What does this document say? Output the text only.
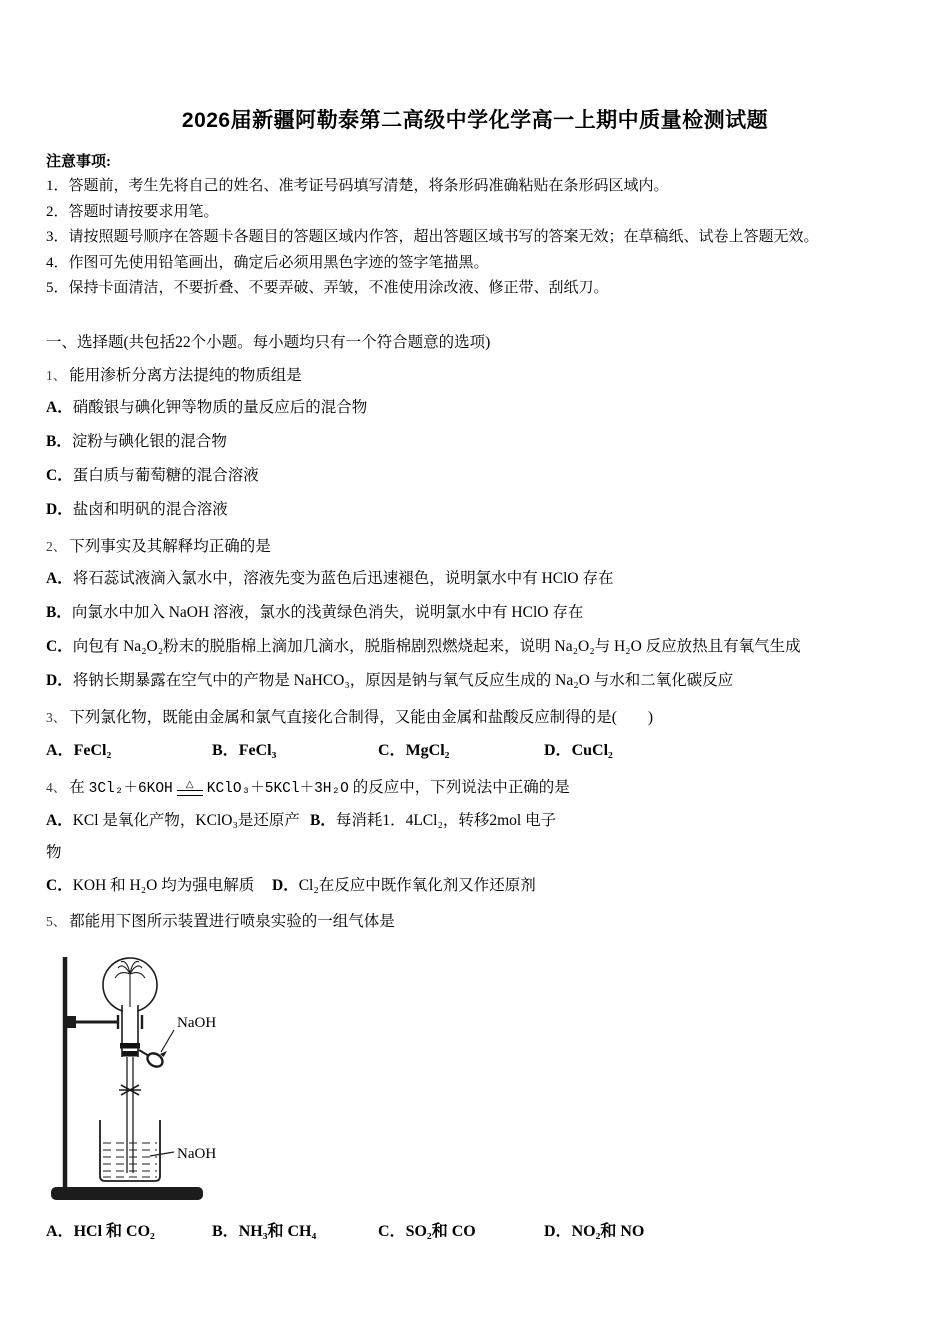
2026届新疆阿勒泰第二高级中学化学高一上期中质量检测试题
注意事项:
1．答题前，考生先将自己的姓名、准考证号码填写清楚，将条形码准确粘贴在条形码区域内。
2．答题时请按要求用笔。
3．请按照题号顺序在答题卡各题目的答题区域内作答，超出答题区域书写的答案无效；在草稿纸、试卷上答题无效。
4．作图可先使用铅笔画出，确定后必须用黑色字迹的签字笔描黑。
5．保持卡面清洁，不要折叠、不要弄破、弄皱，不准使用涂改液、修正带、刮纸刀。
一、选择题(共包括22个小题。每小题均只有一个符合题意的选项)
1、 能用渗析分离方法提纯的物质组是
A．硝酸银与碘化钾等物质的量反应后的混合物
B．淀粉与碘化银的混合物
C．蛋白质与葡萄糖的混合溶液
D．盐卤和明矾的混合溶液
2、 下列事实及其解释均正确的是
A．将石蕊试液滴入氯水中，溶液先变为蓝色后迅速褪色，说明氯水中有 HClO 存在
B．向氯水中加入 NaOH 溶液，氯水的浅黄绿色消失，说明氯水中有 HClO 存在
C．向包有 Na₂O₂粉末的脱脂棉上滴加几滴水，脱脂棉剧烈燃烧起来，说明 Na₂O₂与 H₂O 反应放热且有氧气生成
D．将钠长期暴露在空气中的产物是 NaHCO₃，原因是钠与氧气反应生成的 Na₂O 与水和二氧化碳反应
3、 下列氯化物，既能由金属和氯气直接化合制得，又能由金属和盐酸反应制得的是(　　)
A．FeCl₂	B．FeCl₃	C．MgCl₂	D．CuCl₂
4、 在 3Cl₂＋6KOH △ KClO₃＋5KCl＋3H₂O 的反应中，下列说法中正确的是
A．KCl 是氧化产物，KClO₃是还原产物
B．每消耗1．4LCl₂，转移2mol 电子
C．KOH 和 H₂O 均为强电解质	D．Cl₂在反应中既作氧化剂又作还原剂
5、 都能用下图所示装置进行喷泉实验的一组气体是
NaOH
NaOH
A．HCl 和 CO₂	B．NH₃和 CH₄	C．SO₂和 CO	D．NO₂和 NO
